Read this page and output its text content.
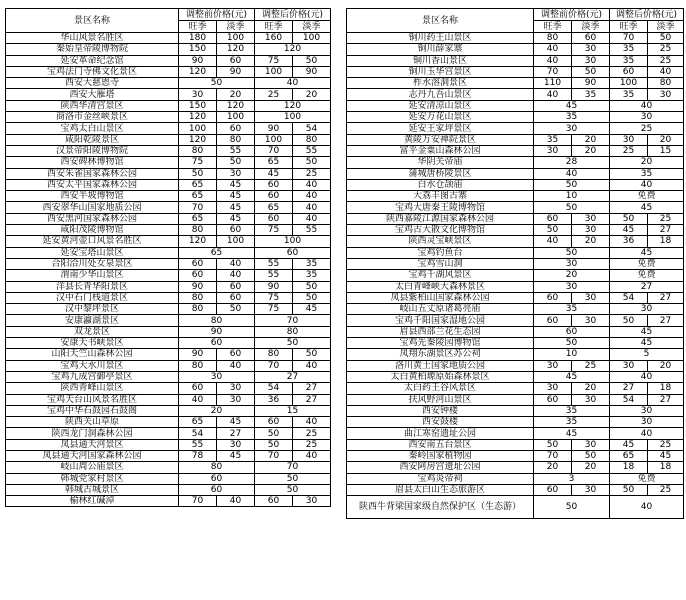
景区名称	调整前价格(元)		调整后价格(元)	
	旺季	淡季	旺季	淡季
华山风景名胜区	180	100	160	100
秦始皇帝陵博物院	150	120	120	
延安革命纪念馆	90	60	75	50
宝鸡法门寺佛文化景区	120	90	100	90
西安大慈恩寺	50		40	
西安大雁塔	30	20	25	20
陕西华清宫景区	150	120	120	
商洛市金丝峡景区	120	100	100	
宝鸡太白山景区	100	60	90	54
咸阳乾陵景区	120	80	100	80
汉景帝阳陵博物院	80	55	70	55
西安碑林博物馆	75	50	65	50
西安朱雀国家森林公园	50	30	45	25
西安太平国家森林公园	65	45	60	40
西安半坡博物馆	65	45	60	40
西安翠华山国家地质公园	70	45	65	40
西安黑河国家森林公园	65	45	60	40
咸阳茂陵博物馆	80	60	75	55
延安黄河壶口风景名胜区	120	100	100	
延安宝塔山景区	65		60	
合阳洽川处女泉景区	60	40	55	35
渭南少华山景区	60	40	55	35
洋县长青华阳景区	90	60	90	50
汉中石门栈道景区	80	60	75	50
汉中黎坪景区	80	50	75	45
安康瀛湖景区	80		70	
双龙景区	90		80	
安康天书峡景区	60		50	
山阳天竺山森林公园	90	60	80	50
宝鸡大水川景区	80	40	70	40
宝鸡九成宫御亭景区	30		27	
陕西青峰山景区	60	30	54	27
宝鸡天台山风景名胜区	40	30	36	27
宝鸡中华石鼓园石鼓阁	20		15	
陕西关山草原	65	45	60	40
陕西龙门洞森林公园	54	27	50	25
凤县通天河景区	55	30	50	25
凤县通天河国家森林公园	78	45	70	40
岐山周公庙景区	80		70	
韩城党家村景区	60		50	
韩城古城景区	60		50	
榆林红碱淖	70	40	60	30
景区名称	调整前价格(元)		调整后价格(元)	
	旺季	淡季	旺季	淡季
铜川药王山景区	80	60	70	50
铜川薛家寨	40	30	35	25
铜川香山景区	40	30	35	25
铜川玉华宫景区	70	50	60	40
柞水溶洞景区	110	90	100	80
志丹九吾山景区	40	35	35	30
延安清凉山景区	45		40	
延安万花山景区	35		30	
延安王家坪景区	30		25	
黄陵万安禅院景区	35	20	30	20
富平金粟山森林公园	30	20	25	15
华阴关帝庙	28		20	
蒲城唐桥陵景区	40		35	
白水仓颉庙	50		40	
大荔丰图古寨	10		免费	
宝鸡大唐秦王陵博物馆	50		45	
陕西嘉陵江源国家森林公园	60	30	50	25
宝鸡古大散文化博物馆	50	30	45	27
陕西灵宝峡景区	40	20	36	18
宝鸡钓鱼台	50		45	
宝鸡雪山洞	30		免费	
宝鸡千湖风景区	20		免费	
太白青峰峡大森林景区	30		27	
凤县紫柏山国家森林公园	60	30	54	27
岐山五丈原诸葛亮庙	35		30	
宝鸡千阳国家湿地公园	60	30	50	27
眉县西部兰花生态园	60		45	
宝鸡先秦陵园博物馆	50		45	
凤翔东湖景区苏公祠	10		5	
洛川黄土国家地质公园	30	25	30	20
太白黄柏塬原始森林景区	45		40	
太白药王谷风景区	30	20	27	18
扶风野河山景区	60	30	54	27
西安钟楼	35		30	
西安鼓楼	35		30	
曲江寒窑遗址公园	45		40	
西安南五台景区	50	30	45	25
秦岭国家植物园	70	50	65	45
西安阿房宫遗址公园	20	20	18	18
宝鸡炎帝祠	3		免费	
眉县太白山生态旅游区	60	30	50	25
陕西牛背梁国家级自然保护区（生态游）	50		40	
